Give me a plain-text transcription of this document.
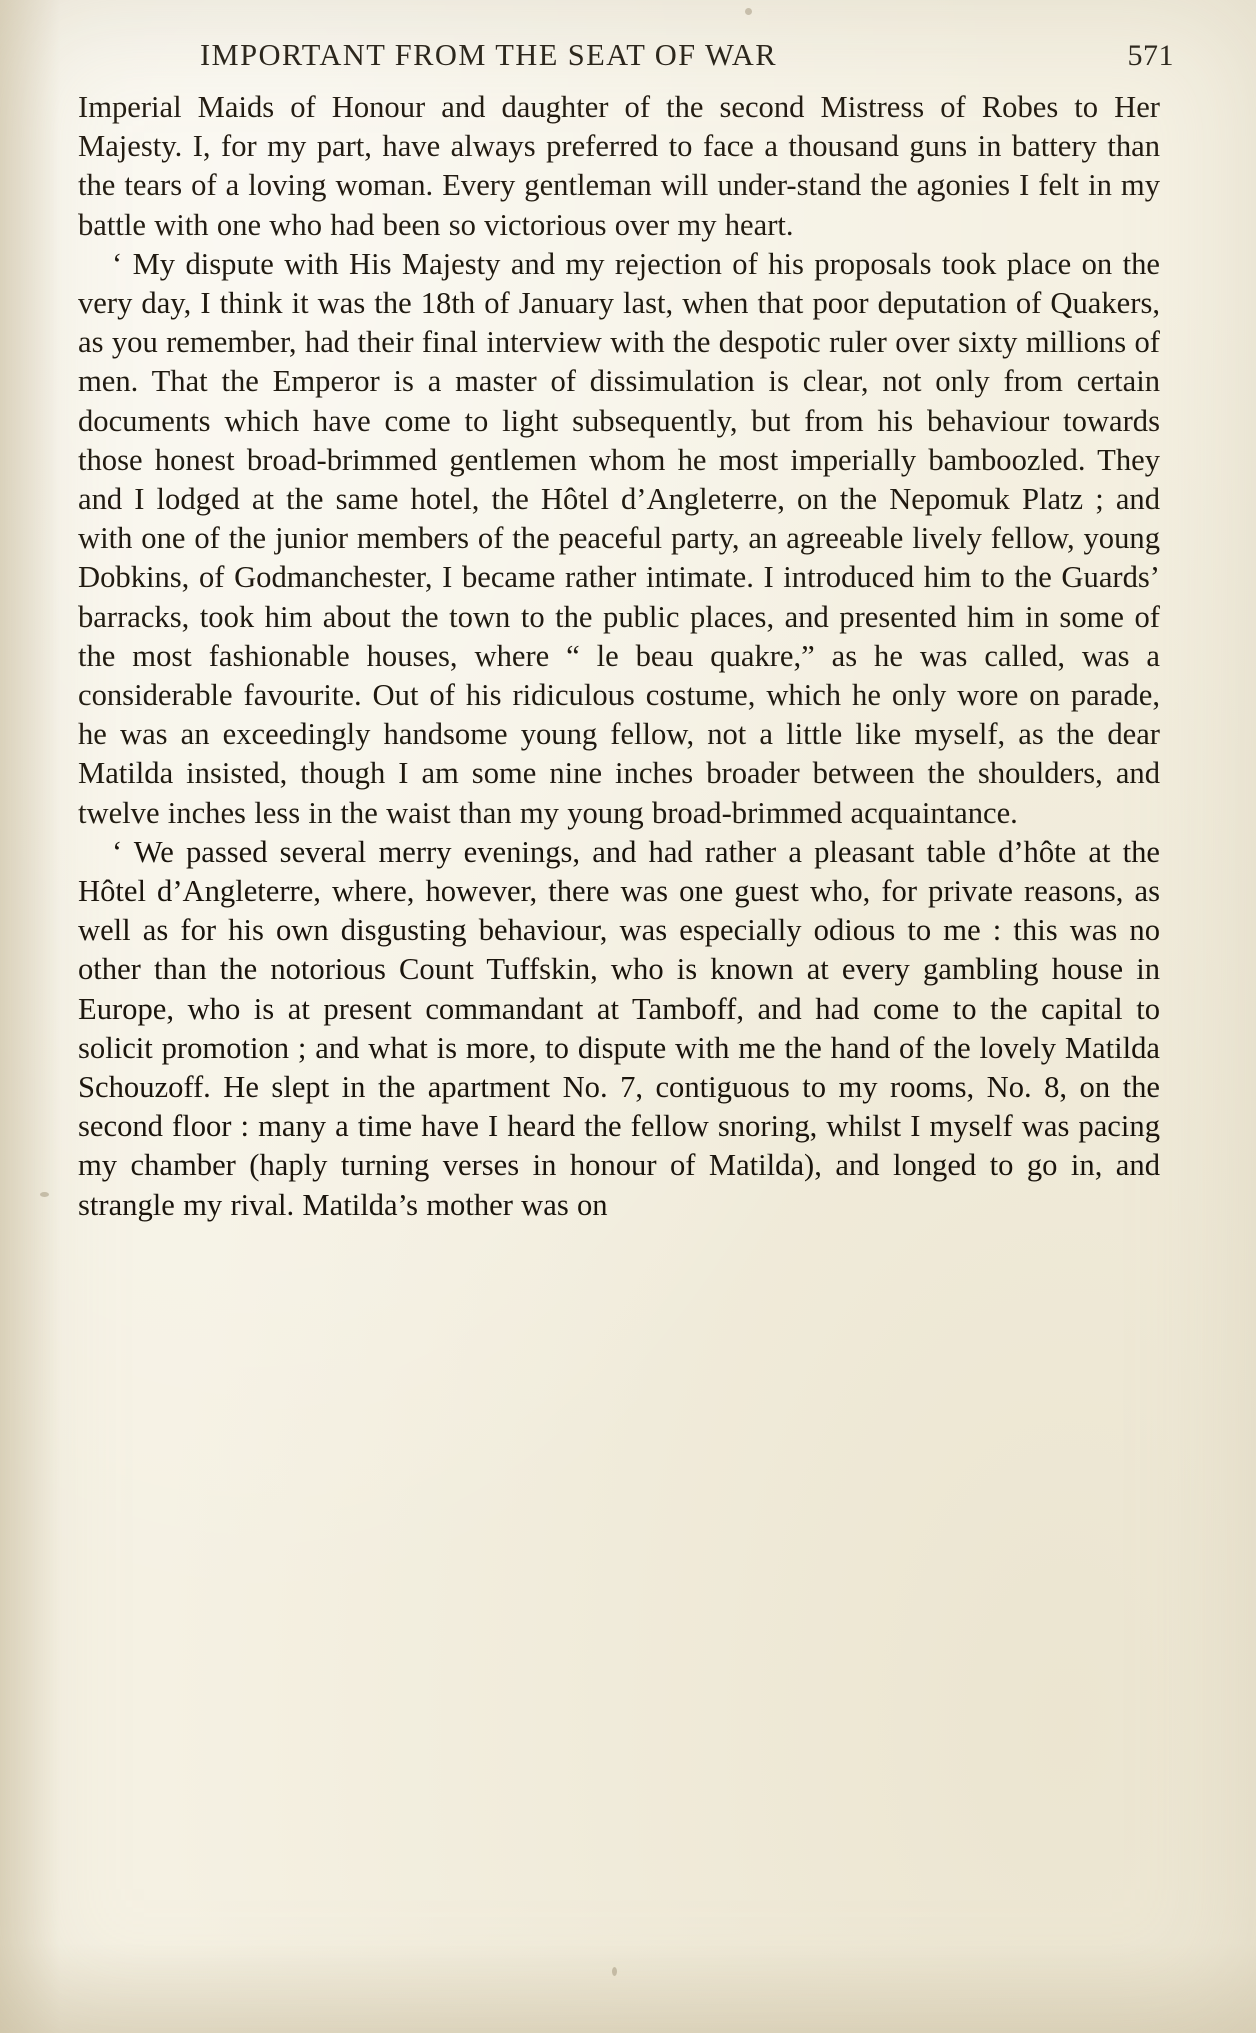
IMPORTANT FROM THE SEAT OF WAR	571

Imperial Maids of Honour and daughter of the second Mistress of Robes to Her Majesty. I, for my part, have always preferred to face a thousand guns in battery than the tears of a loving woman. Every gentleman will under-stand the agonies I felt in my battle with one who had been so victorious over my heart.

‘ My dispute with His Majesty and my rejection of his proposals took place on the very day, I think it was the 18th of January last, when that poor deputation of Quakers, as you remember, had their final interview with the despotic ruler over sixty millions of men. That the Emperor is a master of dissimulation is clear, not only from certain documents which have come to light subsequently, but from his behaviour towards those honest broad-brimmed gentlemen whom he most imperially bamboozled. They and I lodged at the same hotel, the Hôtel d’Angleterre, on the Nepomuk Platz ; and with one of the junior members of the peaceful party, an agreeable lively fellow, young Dobkins, of Godmanchester, I became rather intimate. I introduced him to the Guards’ barracks, took him about the town to the public places, and presented him in some of the most fashionable houses, where “ le beau quakre,” as he was called, was a considerable favourite. Out of his ridiculous costume, which he only wore on parade, he was an exceedingly handsome young fellow, not a little like myself, as the dear Matilda insisted, though I am some nine inches broader between the shoulders, and twelve inches less in the waist than my young broad-brimmed acquaintance.

‘ We passed several merry evenings, and had rather a pleasant table d’hôte at the Hôtel d’Angleterre, where, however, there was one guest who, for private reasons, as well as for his own disgusting behaviour, was especially odious to me : this was no other than the notorious Count Tuffskin, who is known at every gambling house in Europe, who is at present commandant at Tamboff, and had come to the capital to solicit promotion ; and what is more, to dispute with me the hand of the lovely Matilda Schouzoff. He slept in the apartment No. 7, contiguous to my rooms, No. 8, on the second floor : many a time have I heard the fellow snoring, whilst I myself was pacing my chamber (haply turning verses in honour of Matilda), and longed to go in, and strangle my rival. Matilda’s mother was on
